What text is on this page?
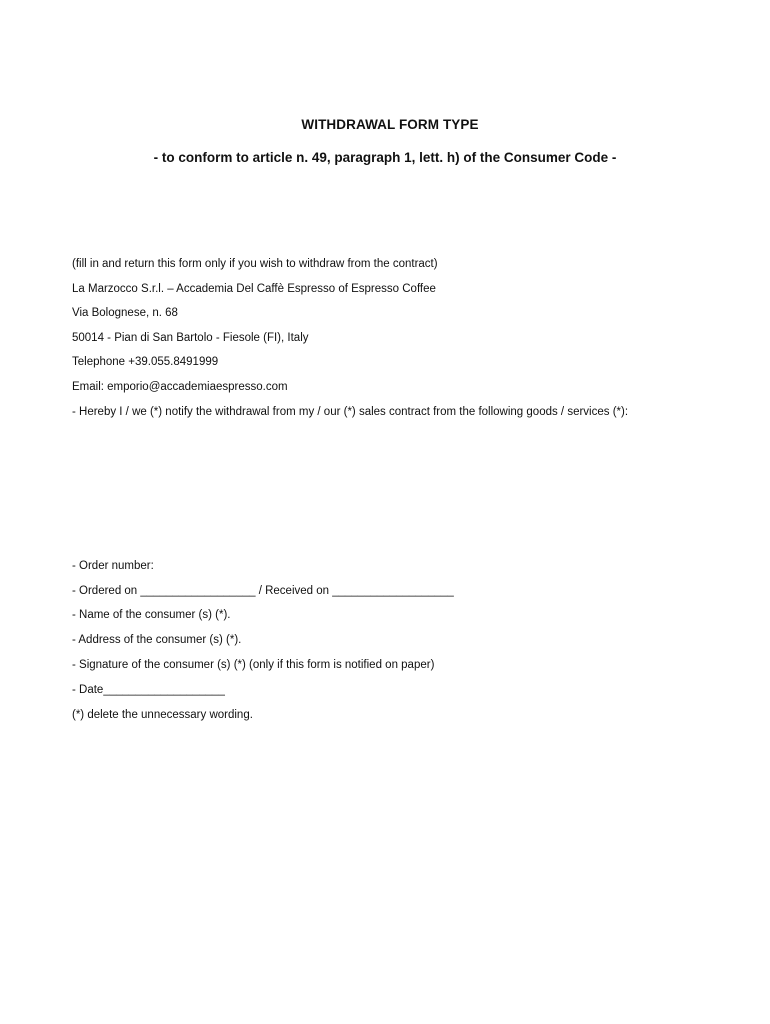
WITHDRAWAL FORM TYPE
- to conform to article n. 49, paragraph 1, lett. h) of the Consumer Code -
(fill in and return this form only if you wish to withdraw from the contract)
La Marzocco S.r.l. – Accademia Del Caffè Espresso of Espresso Coffee
Via Bolognese, n. 68
50014 - Pian di San Bartolo - Fiesole (FI), Italy
Telephone +39.055.8491999
Email: emporio@accademiaespresso.com
- Hereby I / we (*) notify the withdrawal from my / our (*) sales contract from the following goods / services (*):
- Order number:
- Ordered on __________________ / Received on ___________________
- Name of the consumer (s) (*).
- Address of the consumer (s) (*).
- Signature of the consumer (s) (*) (only if this form is notified on paper)
- Date___________________
(*) delete the unnecessary wording.
